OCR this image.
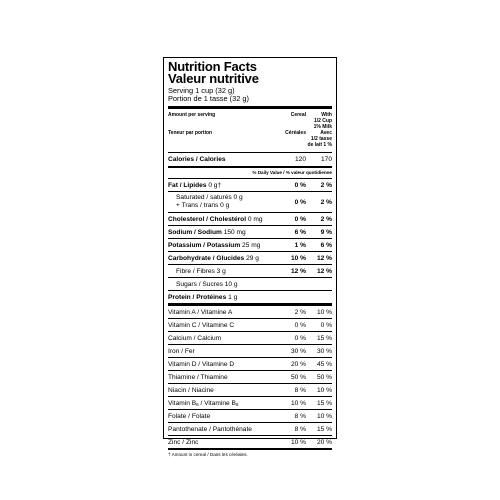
Nutrition Facts
Valeur nutritive
Serving 1 cup (32 g)
Portion de 1 tasse (32 g)
Amount per serving	Cereal	With
1/2 Cup
1% Milk
Teneur par portion	Céréales	Avec
1/2 tasse
de lait 1 %
Calories / Calories	120	170
% Daily Value / % valeur quotidienne
Fat / Lipides 0 g†	0 %	2 %
Saturated / saturés 0 g
+ Trans / trans 0 g	0 %	2 %
Cholesterol / Cholestérol 0 mg	0 %	2 %
Sodium / Sodium 150 mg	6 %	9 %
Potassium / Potassium 25 mg	1 %	6 %
Carbohydrate / Glucides 29 g	10 %	12 %
Fibre / Fibres 3 g	12 %	12 %
Sugars / Sucres 10 g
Protein / Protéines 1 g
Vitamin A / Vitamine A	2 %	10 %
Vitamin C / Vitamine C	0 %	0 %
Calcium / Calcium	0 %	15 %
Iron / Fer	30 %	30 %
Vitamin D / Vitamine D	20 %	45 %
Thiamine / Thiamine	50 %	50 %
Niacin / Niacine	8 %	10 %
Vitamin $B_6$ / Vitamine $B_6$	10 %	15 %
Folate / Folate	8 %	10 %
Pantothenate / Pantothénate	8 %	15 %
Zinc / Zinc	10 %	20 %
† Amount in cereal / Dans les céréales.
